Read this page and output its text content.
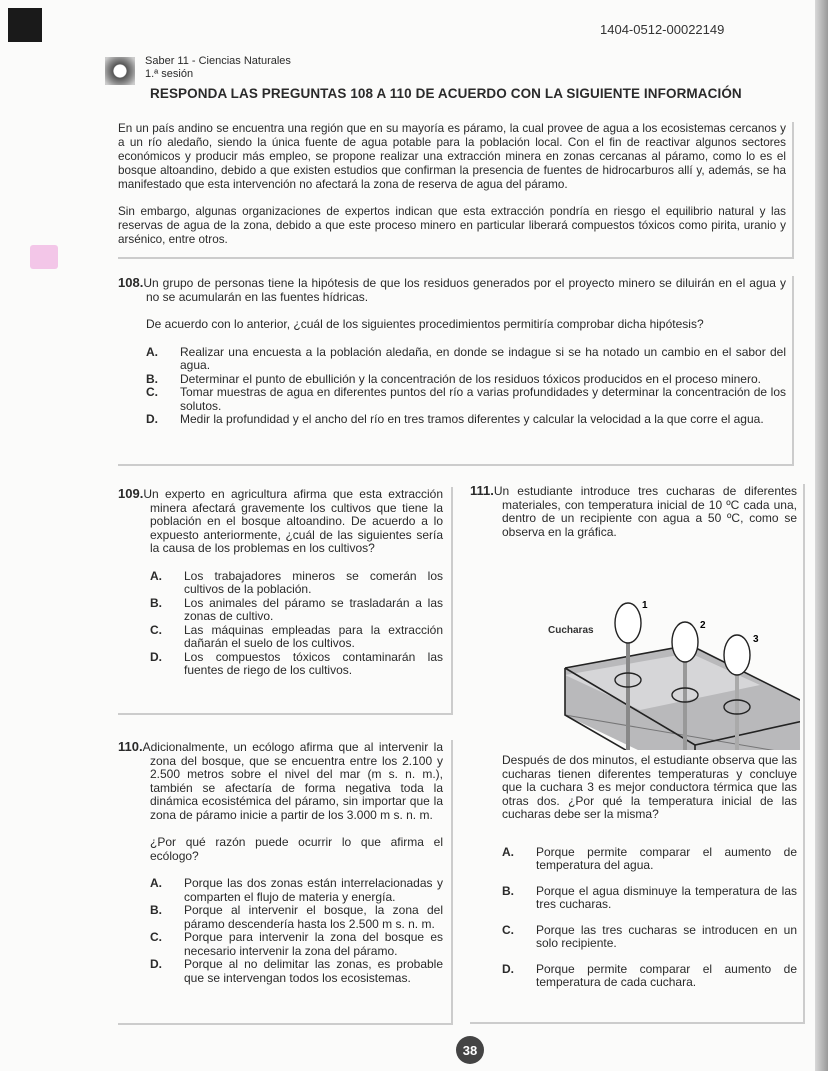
1404-0512-00022149
Saber 11 - Ciencias Naturales
1.ª sesión
RESPONDA LAS PREGUNTAS 108 A 110 DE ACUERDO CON LA SIGUIENTE INFORMACIÓN

En un país andino se encuentra una región que en su mayoría es páramo, la cual provee de agua a los ecosistemas cercanos y a un río aledaño, siendo la única fuente de agua potable para la población local. Con el fin de reactivar algunos sectores económicos y producir más empleo, se propone realizar una extracción minera en zonas cercanas al páramo, como lo es el bosque altoandino, debido a que existen estudios que confirman la presencia de fuentes de hidrocarburos allí y, además, se ha manifestado que esta intervención no afectará la zona de reserva de agua del páramo.

Sin embargo, algunas organizaciones de expertos indican que esta extracción pondría en riesgo el equilibrio natural y las reservas de agua de la zona, debido a que este proceso minero en particular liberará compuestos tóxicos como pirita, uranio y arsénico, entre otros.

108.Un grupo de personas tiene la hipótesis de que los residuos generados por el proyecto minero se diluirán en el agua y no se acumularán en las fuentes hídricas.
De acuerdo con lo anterior, ¿cuál de los siguientes procedimientos permitiría comprobar dicha hipótesis?
A.	Realizar una encuesta a la población aledaña, en donde se indague si se ha notado un cambio en el sabor del agua.
B.	Determinar el punto de ebullición y la concentración de los residuos tóxicos producidos en el proceso minero.
C.	Tomar muestras de agua en diferentes puntos del río a varias profundidades y determinar la concentración de los solutos.
D.	Medir la profundidad y el ancho del río en tres tramos diferentes y calcular la velocidad a la que corre el agua.
109.Un experto en agricultura afirma que esta extracción minera afectará gravemente los cultivos que tiene la población en el bosque altoandino. De acuerdo a lo expuesto anteriormente, ¿cuál de las siguientes sería la causa de los problemas en los cultivos?
A.	Los trabajadores mineros se comerán los cultivos de la población.
B.	Los animales del páramo se trasladarán a las zonas de cultivo.
C.	Las máquinas empleadas para la extracción dañarán el suelo de los cultivos.
D.	Los compuestos tóxicos contaminarán las fuentes de riego de los cultivos.
110.Adicionalmente, un ecólogo afirma que al intervenir la zona del bosque, que se encuentra entre los 2.100 y 2.500 metros sobre el nivel del mar (m s. n. m.), también se afectaría de forma negativa toda la dinámica ecosistémica del páramo, sin importar que la zona de páramo inicie a partir de los 3.000 m s. n. m.
¿Por qué razón puede ocurrir lo que afirma el ecólogo?
A.	Porque las dos zonas están interrelacionadas y comparten el flujo de materia y energía.
B.	Porque al intervenir el bosque, la zona del páramo descendería hasta los 2.500 m s. n. m.
C.	Porque para intervenir la zona del bosque es necesario intervenir la zona del páramo.
D.	Porque al no delimitar las zonas, es probable que se intervengan todos los ecosistemas.
111.Un estudiante introduce tres cucharas de diferentes materiales, con temperatura inicial de 10 ºC cada una, dentro de un recipiente con agua a 50 ºC, como se observa en la gráfica.
Cucharas
1
2
3
Después de dos minutos, el estudiante observa que las cucharas tienen diferentes temperaturas y concluye que la cuchara 3 es mejor conductora térmica que las otras dos. ¿Por qué la temperatura inicial de las cucharas debe ser la misma?
A.	Porque permite comparar el aumento de temperatura del agua.
B.	Porque el agua disminuye la temperatura de las tres cucharas.
C.	Porque las tres cucharas se introducen en un solo recipiente.
D.	Porque permite comparar el aumento de temperatura de cada cuchara.
38
